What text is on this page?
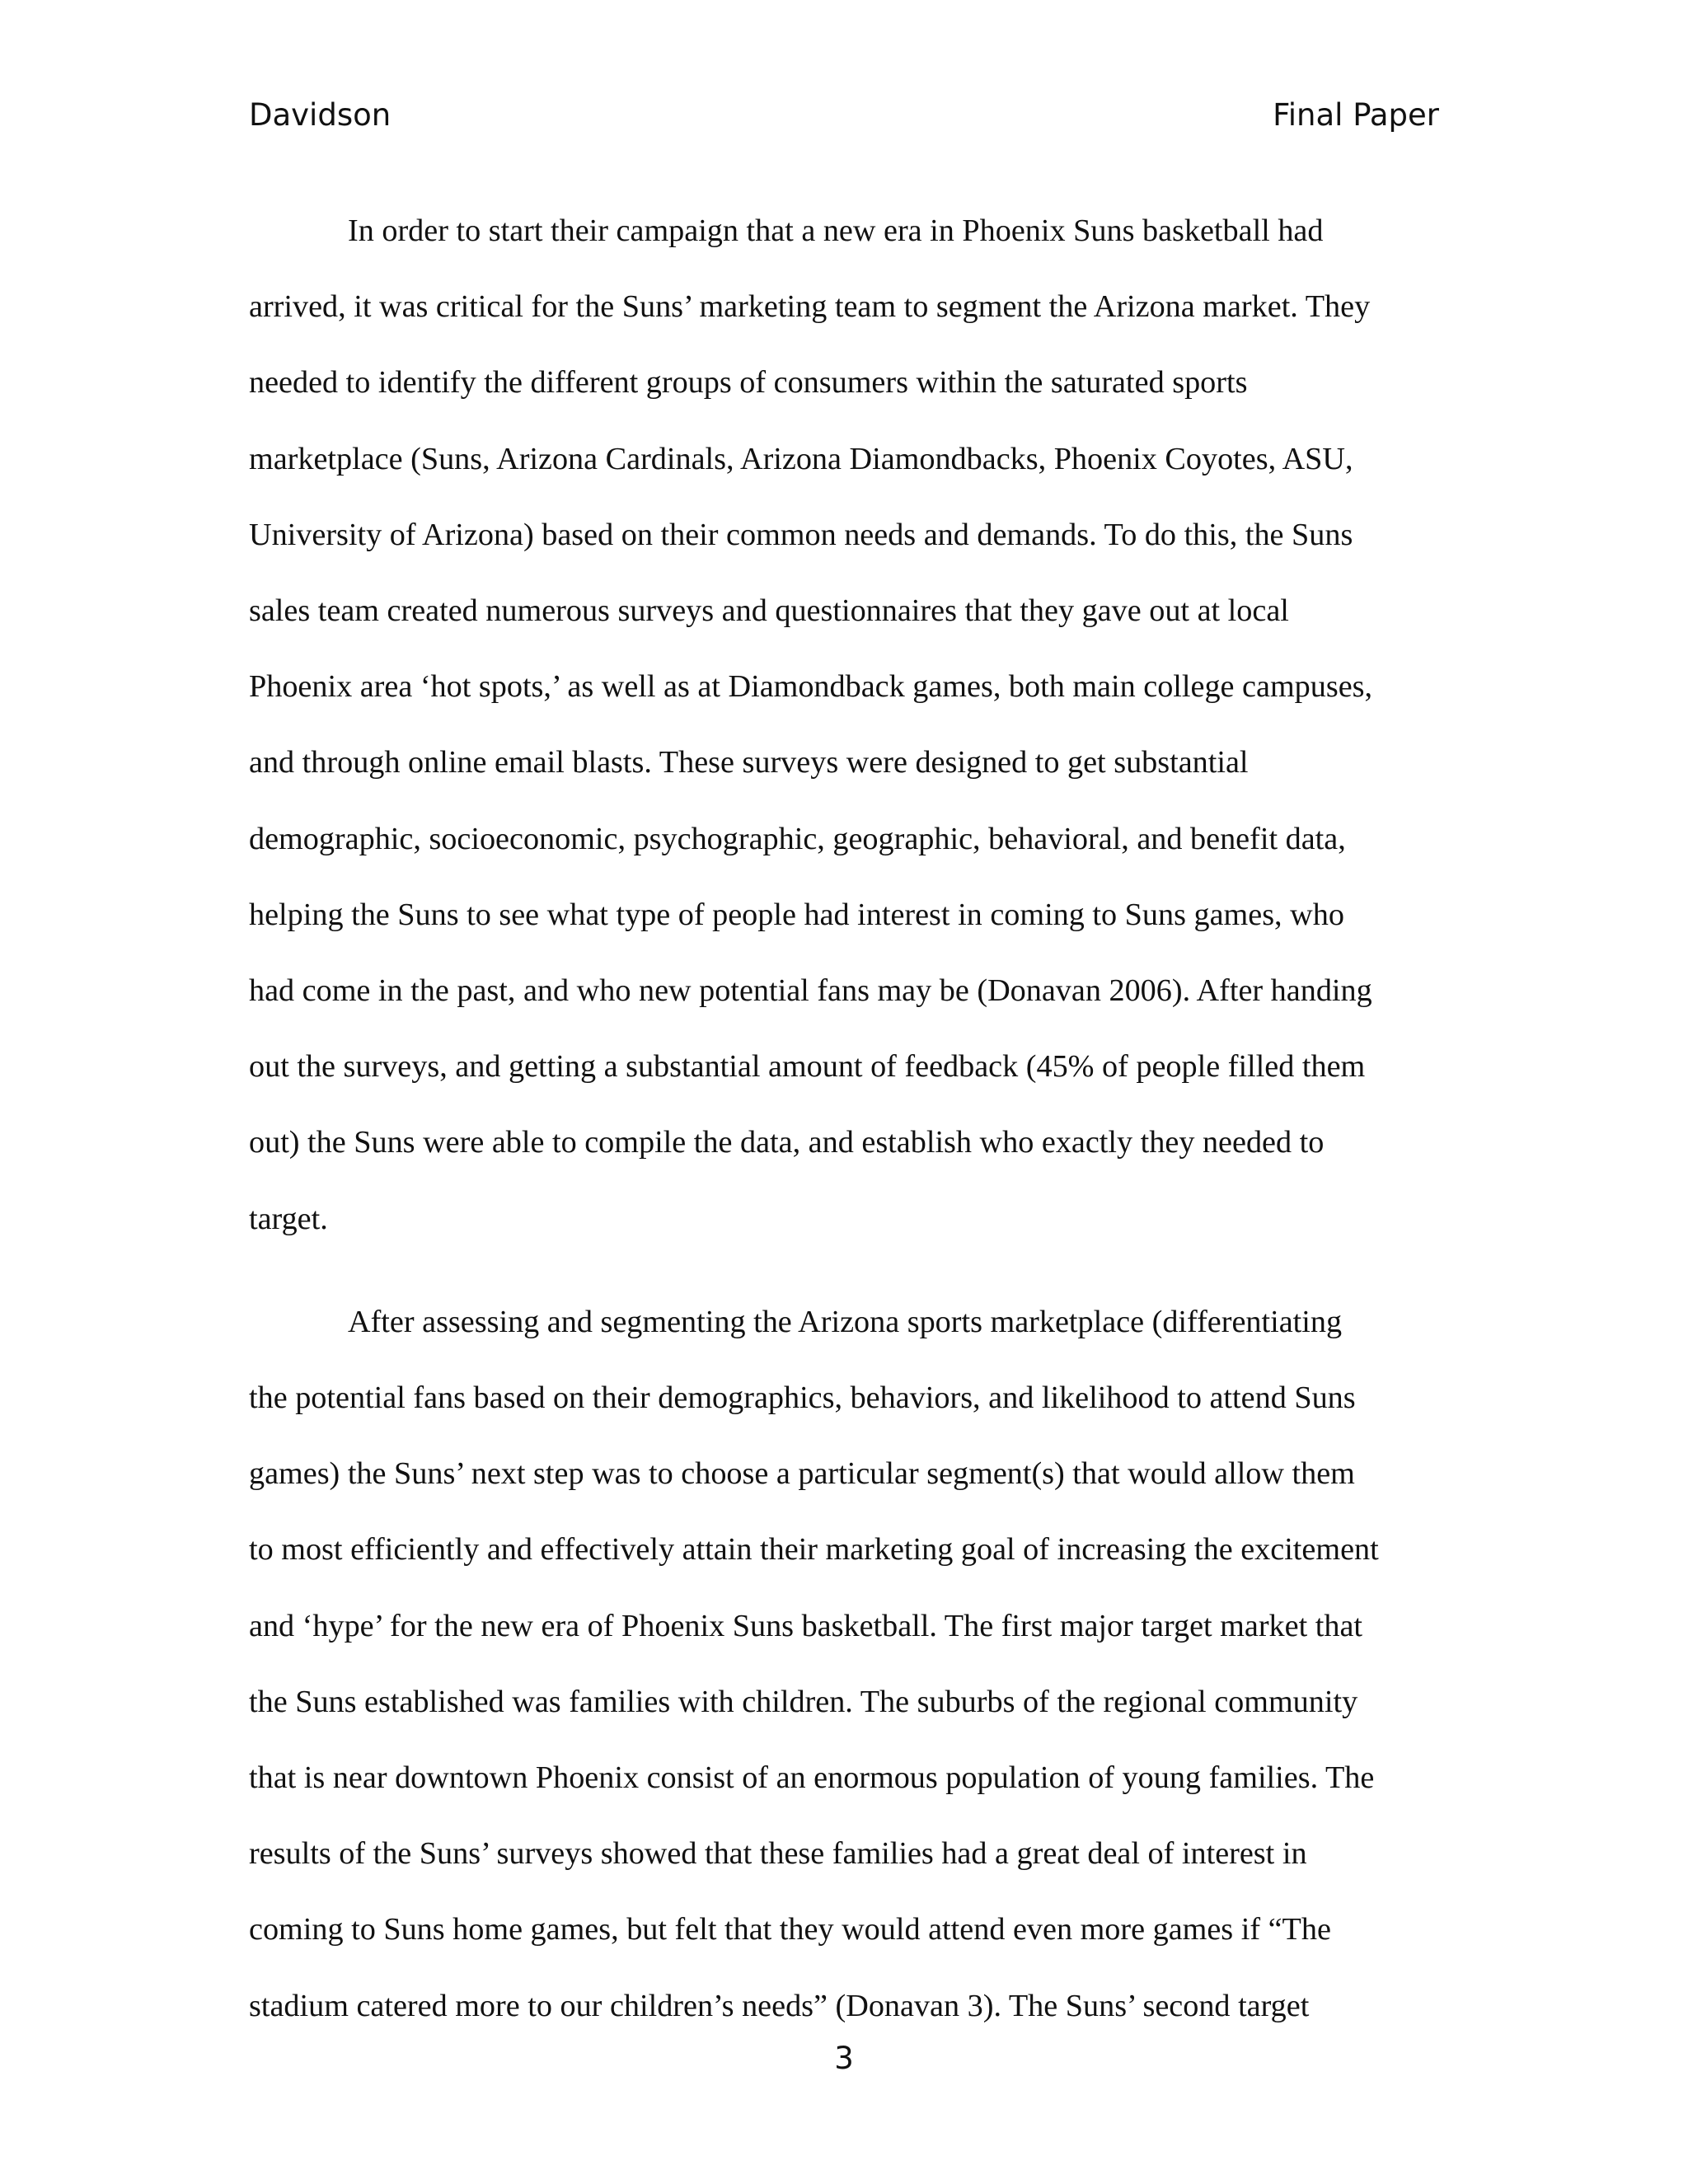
Davidson	Final Paper
In order to start their campaign that a new era in Phoenix Suns basketball had
arrived, it was critical for the Suns’ marketing team to segment the Arizona market. They
needed to identify the different groups of consumers within the saturated sports
marketplace (Suns, Arizona Cardinals, Arizona Diamondbacks, Phoenix Coyotes, ASU,
University of Arizona) based on their common needs and demands. To do this, the Suns
sales team created numerous surveys and questionnaires that they gave out at local
Phoenix area ‘hot spots,’ as well as at Diamondback games, both main college campuses,
and through online email blasts. These surveys were designed to get substantial
demographic, socioeconomic, psychographic, geographic, behavioral, and benefit data,
helping the Suns to see what type of people had interest in coming to Suns games, who
had come in the past, and who new potential fans may be (Donavan 2006). After handing
out the surveys, and getting a substantial amount of feedback (45% of people filled them
out) the Suns were able to compile the data, and establish who exactly they needed to
target.
After assessing and segmenting the Arizona sports marketplace (differentiating
the potential fans based on their demographics, behaviors, and likelihood to attend Suns
games) the Suns’ next step was to choose a particular segment(s) that would allow them
to most efficiently and effectively attain their marketing goal of increasing the excitement
and ‘hype’ for the new era of Phoenix Suns basketball. The first major target market that
the Suns established was families with children. The suburbs of the regional community
that is near downtown Phoenix consist of an enormous population of young families. The
results of the Suns’ surveys showed that these families had a great deal of interest in
coming to Suns home games, but felt that they would attend even more games if “The
stadium catered more to our children’s needs” (Donavan 3). The Suns’ second target
3
